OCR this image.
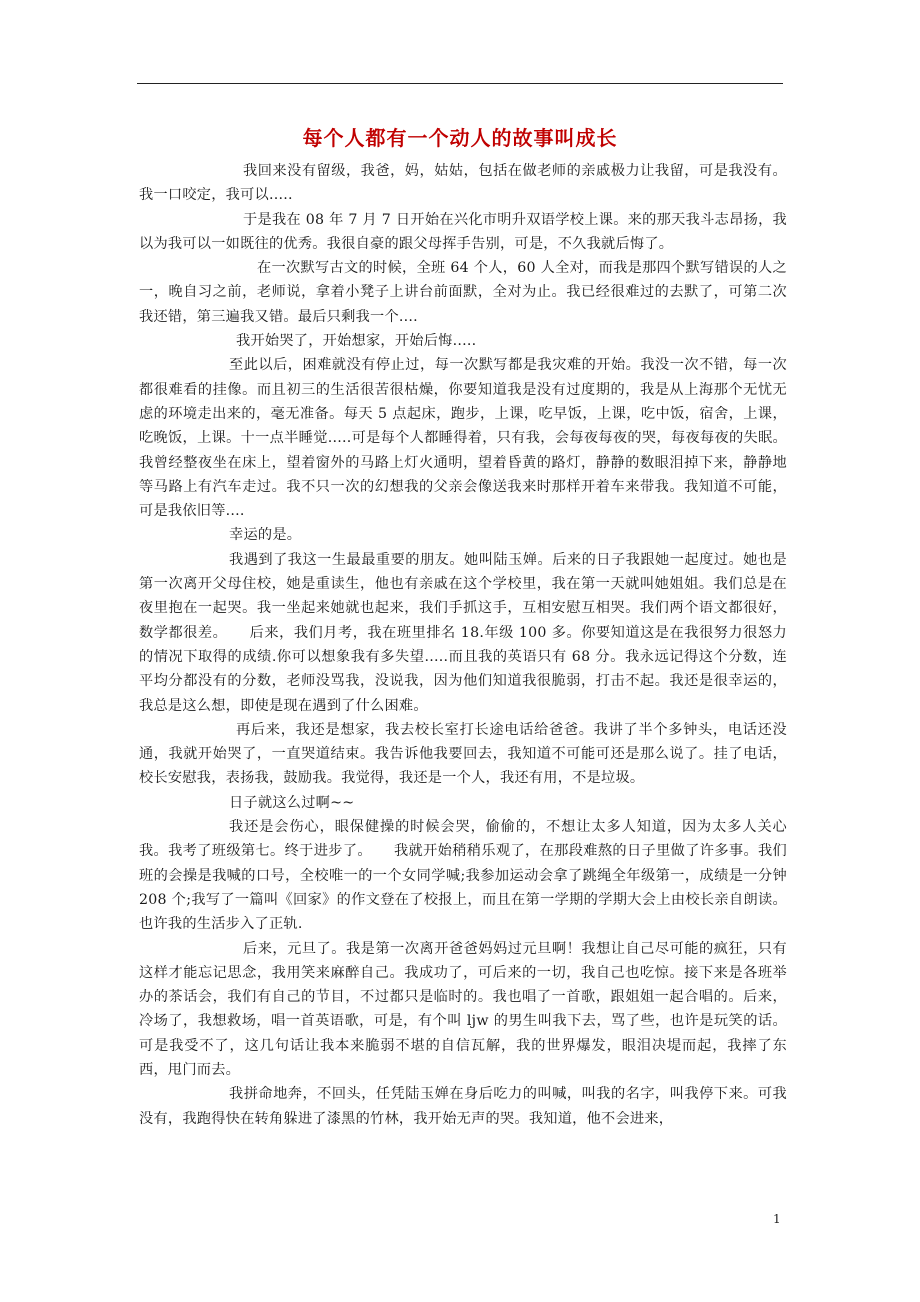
每个人都有一个动人的故事叫成长

我回来没有留级，我爸，妈，姑姑，包括在做老师的亲戚极力让我留，可是我没有。我一口咬定，我可以.....

于是我在 08 年 7 月 7 日开始在兴化市明升双语学校上课。来的那天我斗志昂扬，我以为我可以一如既往的优秀。我很自豪的跟父母挥手告别，可是，不久我就后悔了。

在一次默写古文的时候，全班 64 个人，60 人全对，而我是那四个默写错误的人之一，晚自习之前，老师说，拿着小凳子上讲台前面默，全对为止。我已经很难过的去默了，可第二次我还错，第三遍我又错。最后只剩我一个....

我开始哭了，开始想家，开始后悔.....

至此以后，困难就没有停止过，每一次默写都是我灾难的开始。我没一次不错，每一次都很难看的挂像。而且初三的生活很苦很枯燥，你要知道我是没有过度期的，我是从上海那个无忧无虑的环境走出来的，毫无准备。每天 5 点起床，跑步，上课，吃早饭，上课，吃中饭，宿舍，上课，吃晚饭，上课。十一点半睡觉.....可是每个人都睡得着，只有我，会每夜每夜的哭，每夜每夜的失眠。我曾经整夜坐在床上，望着窗外的马路上灯火通明，望着昏黄的路灯，静静的数眼泪掉下来，静静地等马路上有汽车走过。我不只一次的幻想我的父亲会像送我来时那样开着车来带我。我知道不可能，可是我依旧等....

幸运的是。

我遇到了我这一生最最重要的朋友。她叫陆玉婵。后来的日子我跟她一起度过。她也是第一次离开父母住校，她是重读生，他也有亲戚在这个学校里，我在第一天就叫她姐姐。我们总是在夜里抱在一起哭。我一坐起来她就也起来，我们手抓这手，互相安慰互相哭。我们两个语文都很好，数学都很差。　　后来，我们月考，我在班里排名 18.年级 100 多。你要知道这是在我很努力很怒力的情况下取得的成绩.你可以想象我有多失望.....而且我的英语只有 68 分。我永远记得这个分数，连平均分都没有的分数，老师没骂我，没说我，因为他们知道我很脆弱，打击不起。我还是很幸运的，我总是这么想，即使是现在遇到了什么困难。

再后来，我还是想家，我去校长室打长途电话给爸爸。我讲了半个多钟头，电话还没通，我就开始哭了，一直哭道结束。我告诉他我要回去，我知道不可能可还是那么说了。挂了电话，校长安慰我，表扬我，鼓励我。我觉得，我还是一个人，我还有用，不是垃圾。

日子就这么过啊~~

我还是会伤心，眼保健操的时候会哭，偷偷的，不想让太多人知道，因为太多人关心我。我考了班级第七。终于进步了。　　我就开始稍稍乐观了，在那段难熬的日子里做了许多事。我们班的会操是我喊的口号，全校唯一的一个女同学喊;我参加运动会拿了跳绳全年级第一，成绩是一分钟 208 个;我写了一篇叫《回家》的作文登在了校报上，而且在第一学期的学期大会上由校长亲自朗读。也许我的生活步入了正轨.

后来，元旦了。我是第一次离开爸爸妈妈过元旦啊！我想让自己尽可能的疯狂，只有这样才能忘记思念，我用笑来麻醉自己。我成功了，可后来的一切，我自己也吃惊。接下来是各班举办的茶话会，我们有自己的节目，不过都只是临时的。我也唱了一首歌，跟姐姐一起合唱的。后来，冷场了，我想救场，唱一首英语歌，可是，有个叫 ljw 的男生叫我下去，骂了些，也许是玩笑的话。可是我受不了，这几句话让我本来脆弱不堪的自信瓦解，我的世界爆发，眼泪决堤而起，我摔了东西，甩门而去。

我拼命地奔，不回头，任凭陆玉婵在身后吃力的叫喊，叫我的名字，叫我停下来。可我没有，我跑得快在转角躲进了漆黑的竹林，我开始无声的哭。我知道，他不会进来，

1
